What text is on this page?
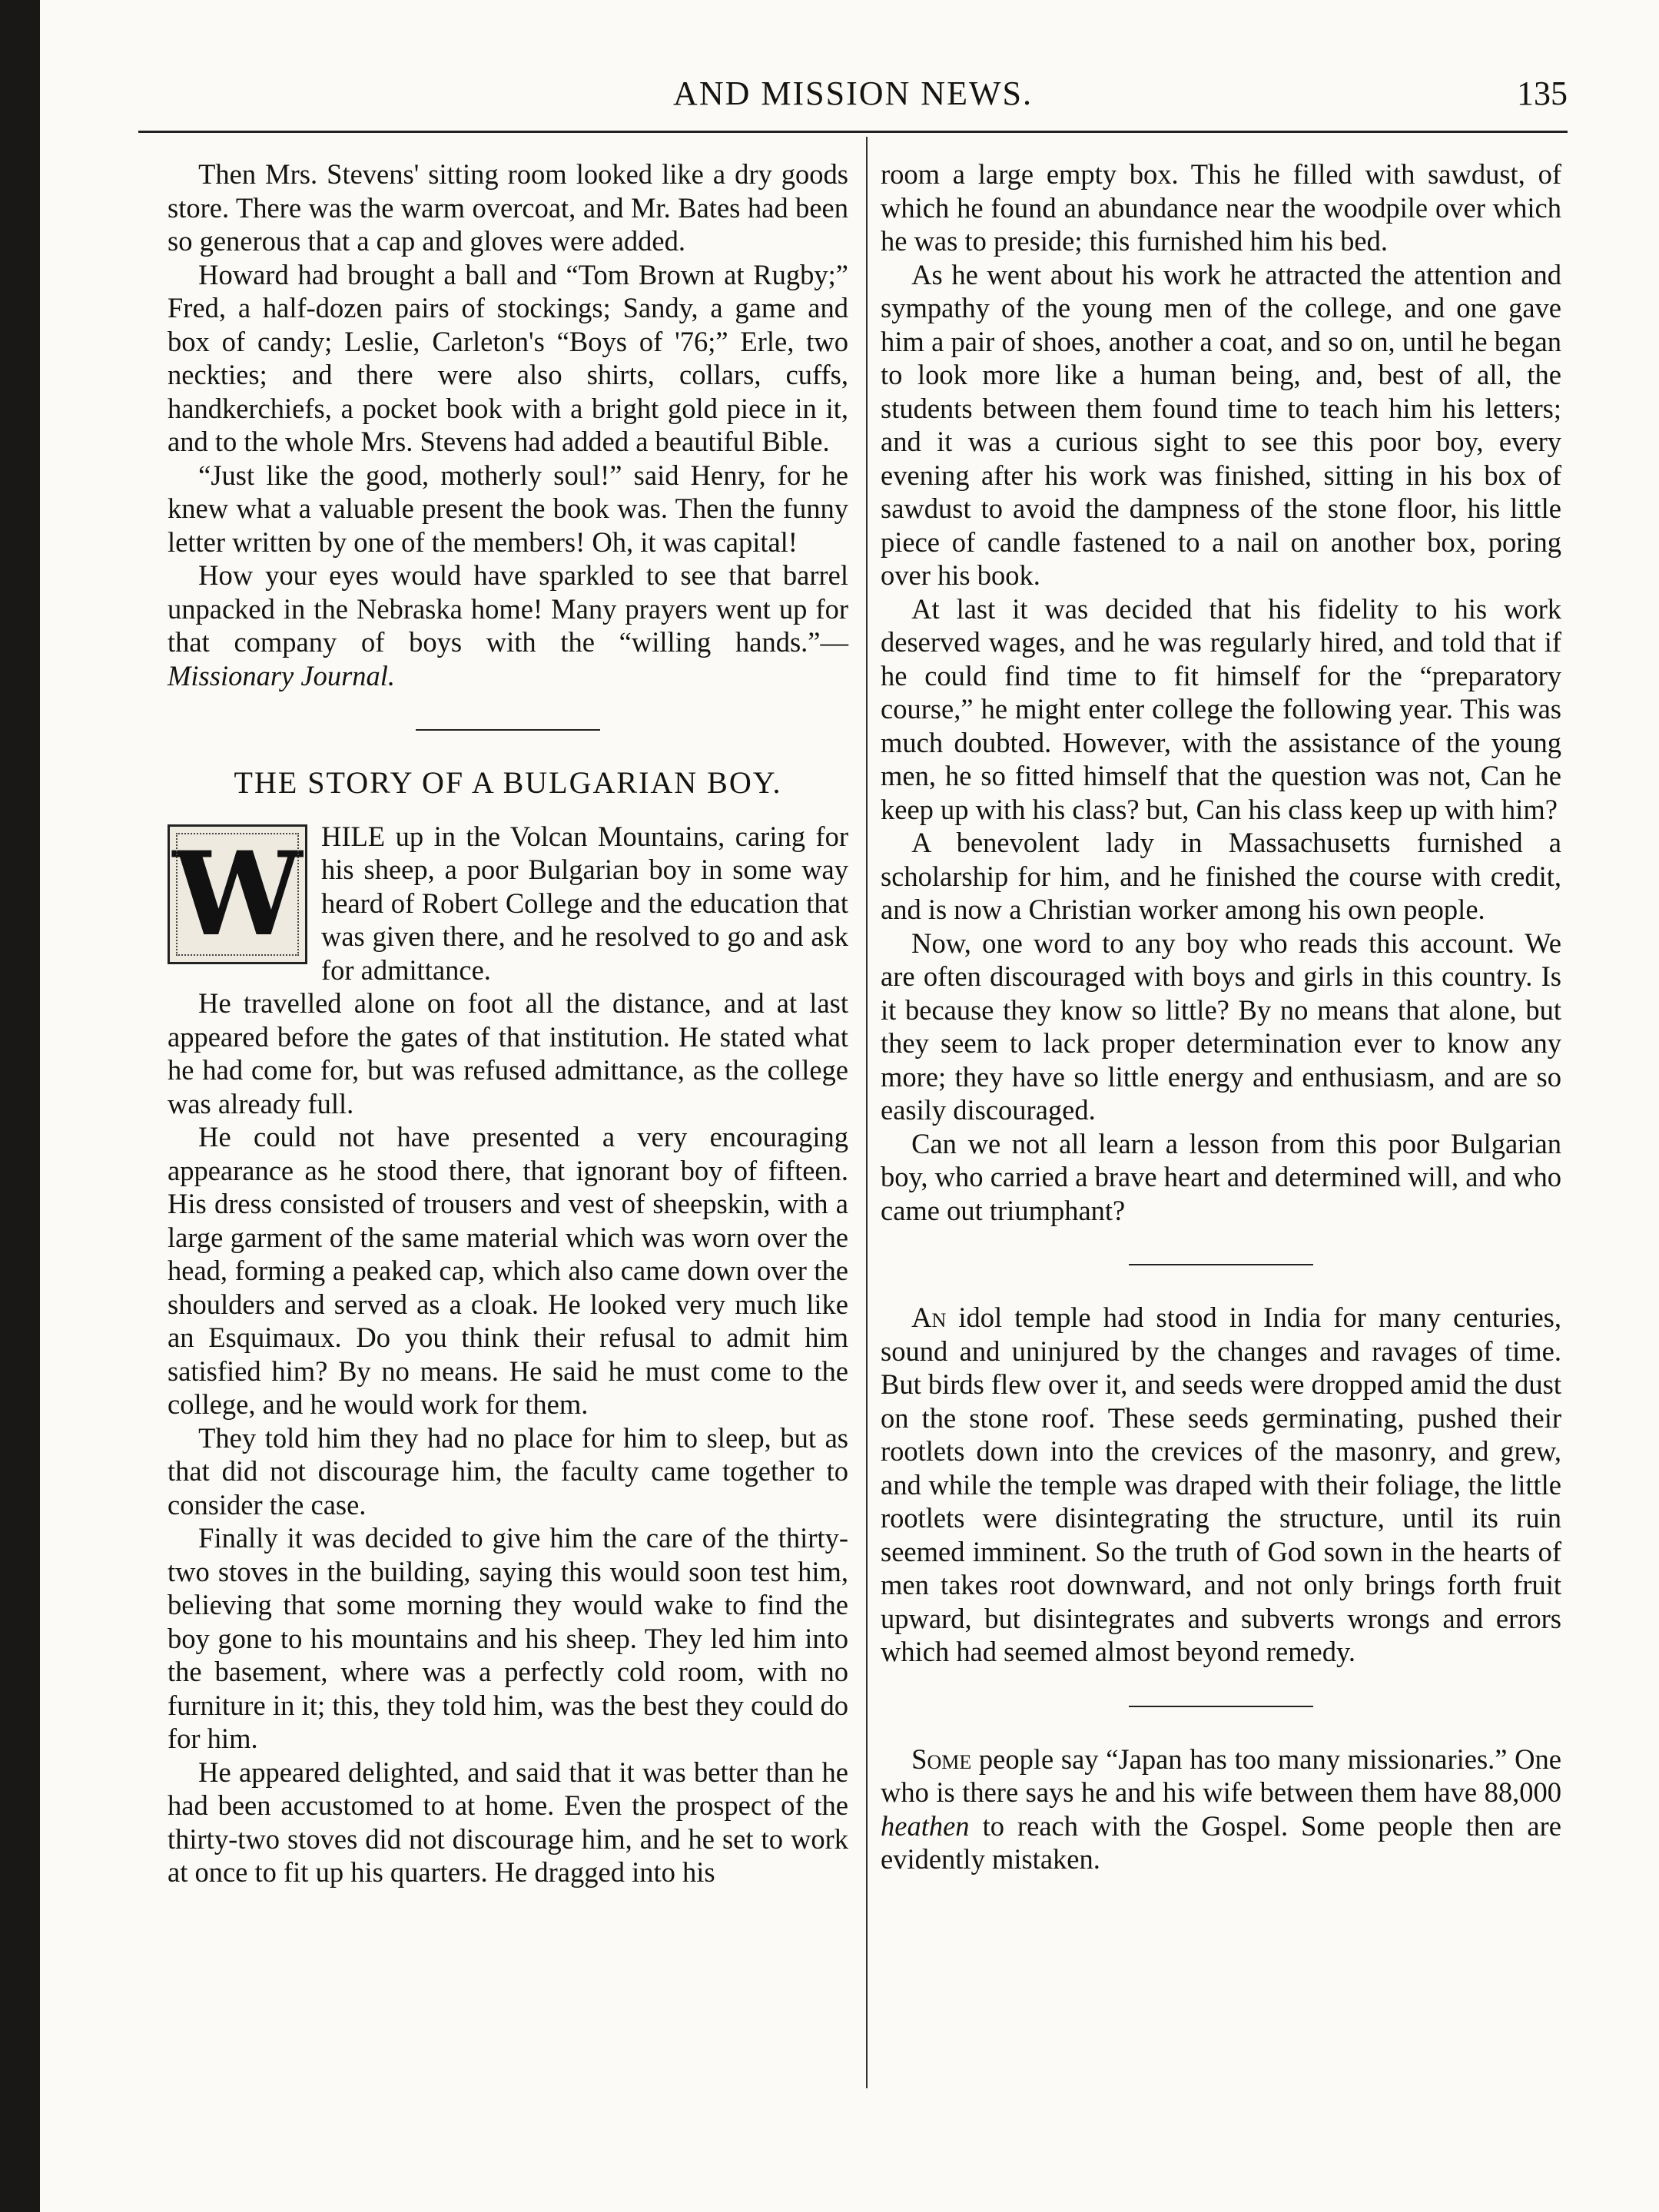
AND MISSION NEWS.	135

Then Mrs. Stevens' sitting room looked like a dry goods store. There was the warm overcoat, and Mr. Bates had been so generous that a cap and gloves were added.

Howard had brought a ball and “Tom Brown at Rugby;” Fred, a half-dozen pairs of stockings; Sandy, a game and box of candy; Leslie, Carleton's “Boys of '76;” Erle, two neckties; and there were also shirts, collars, cuffs, handkerchiefs, a pocket book with a bright gold piece in it, and to the whole Mrs. Stevens had added a beautiful Bible.

“Just like the good, motherly soul!” said Henry, for he knew what a valuable present the book was. Then the funny letter written by one of the members! Oh, it was capital!

How your eyes would have sparkled to see that barrel unpacked in the Nebraska home! Many prayers went up for that company of boys with the “willing hands.”—Missionary Journal.

THE STORY OF A BULGARIAN BOY.

W HILE up in the Volcan Mountains, caring for his sheep, a poor Bulgarian boy in some way heard of Robert College and the education that was given there, and he resolved to go and ask for admittance.

He travelled alone on foot all the distance, and at last appeared before the gates of that institution. He stated what he had come for, but was refused admittance, as the college was already full.

He could not have presented a very encouraging appearance as he stood there, that ignorant boy of fifteen. His dress consisted of trousers and vest of sheepskin, with a large garment of the same material which was worn over the head, forming a peaked cap, which also came down over the shoulders and served as a cloak. He looked very much like an Esquimaux. Do you think their refusal to admit him satisfied him? By no means. He said he must come to the college, and he would work for them.

They told him they had no place for him to sleep, but as that did not discourage him, the faculty came together to consider the case.

Finally it was decided to give him the care of the thirty-two stoves in the building, saying this would soon test him, believing that some morning they would wake to find the boy gone to his mountains and his sheep. They led him into the basement, where was a perfectly cold room, with no furniture in it; this, they told him, was the best they could do for him.

He appeared delighted, and said that it was better than he had been accustomed to at home. Even the prospect of the thirty-two stoves did not discourage him, and he set to work at once to fit up his quarters. He dragged into his

room a large empty box. This he filled with sawdust, of which he found an abundance near the woodpile over which he was to preside; this furnished him his bed.

As he went about his work he attracted the attention and sympathy of the young men of the college, and one gave him a pair of shoes, another a coat, and so on, until he began to look more like a human being, and, best of all, the students between them found time to teach him his letters; and it was a curious sight to see this poor boy, every evening after his work was finished, sitting in his box of sawdust to avoid the dampness of the stone floor, his little piece of candle fastened to a nail on another box, poring over his book.

At last it was decided that his fidelity to his work deserved wages, and he was regularly hired, and told that if he could find time to fit himself for the “preparatory course,” he might enter college the following year. This was much doubted. However, with the assistance of the young men, he so fitted himself that the question was not, Can he keep up with his class? but, Can his class keep up with him?

A benevolent lady in Massachusetts furnished a scholarship for him, and he finished the course with credit, and is now a Christian worker among his own people.

Now, one word to any boy who reads this account. We are often discouraged with boys and girls in this country. Is it because they know so little? By no means that alone, but they seem to lack proper determination ever to know any more; they have so little energy and enthusiasm, and are so easily discouraged.

Can we not all learn a lesson from this poor Bulgarian boy, who carried a brave heart and determined will, and who came out triumphant?

An idol temple had stood in India for many centuries, sound and uninjured by the changes and ravages of time. But birds flew over it, and seeds were dropped amid the dust on the stone roof. These seeds germinating, pushed their rootlets down into the crevices of the masonry, and grew, and while the temple was draped with their foliage, the little rootlets were disintegrating the structure, until its ruin seemed imminent. So the truth of God sown in the hearts of men takes root downward, and not only brings forth fruit upward, but disintegrates and subverts wrongs and errors which had seemed almost beyond remedy.

Some people say “Japan has too many missionaries.” One who is there says he and his wife between them have 88,000 heathen to reach with the Gospel. Some people then are evidently mistaken.
